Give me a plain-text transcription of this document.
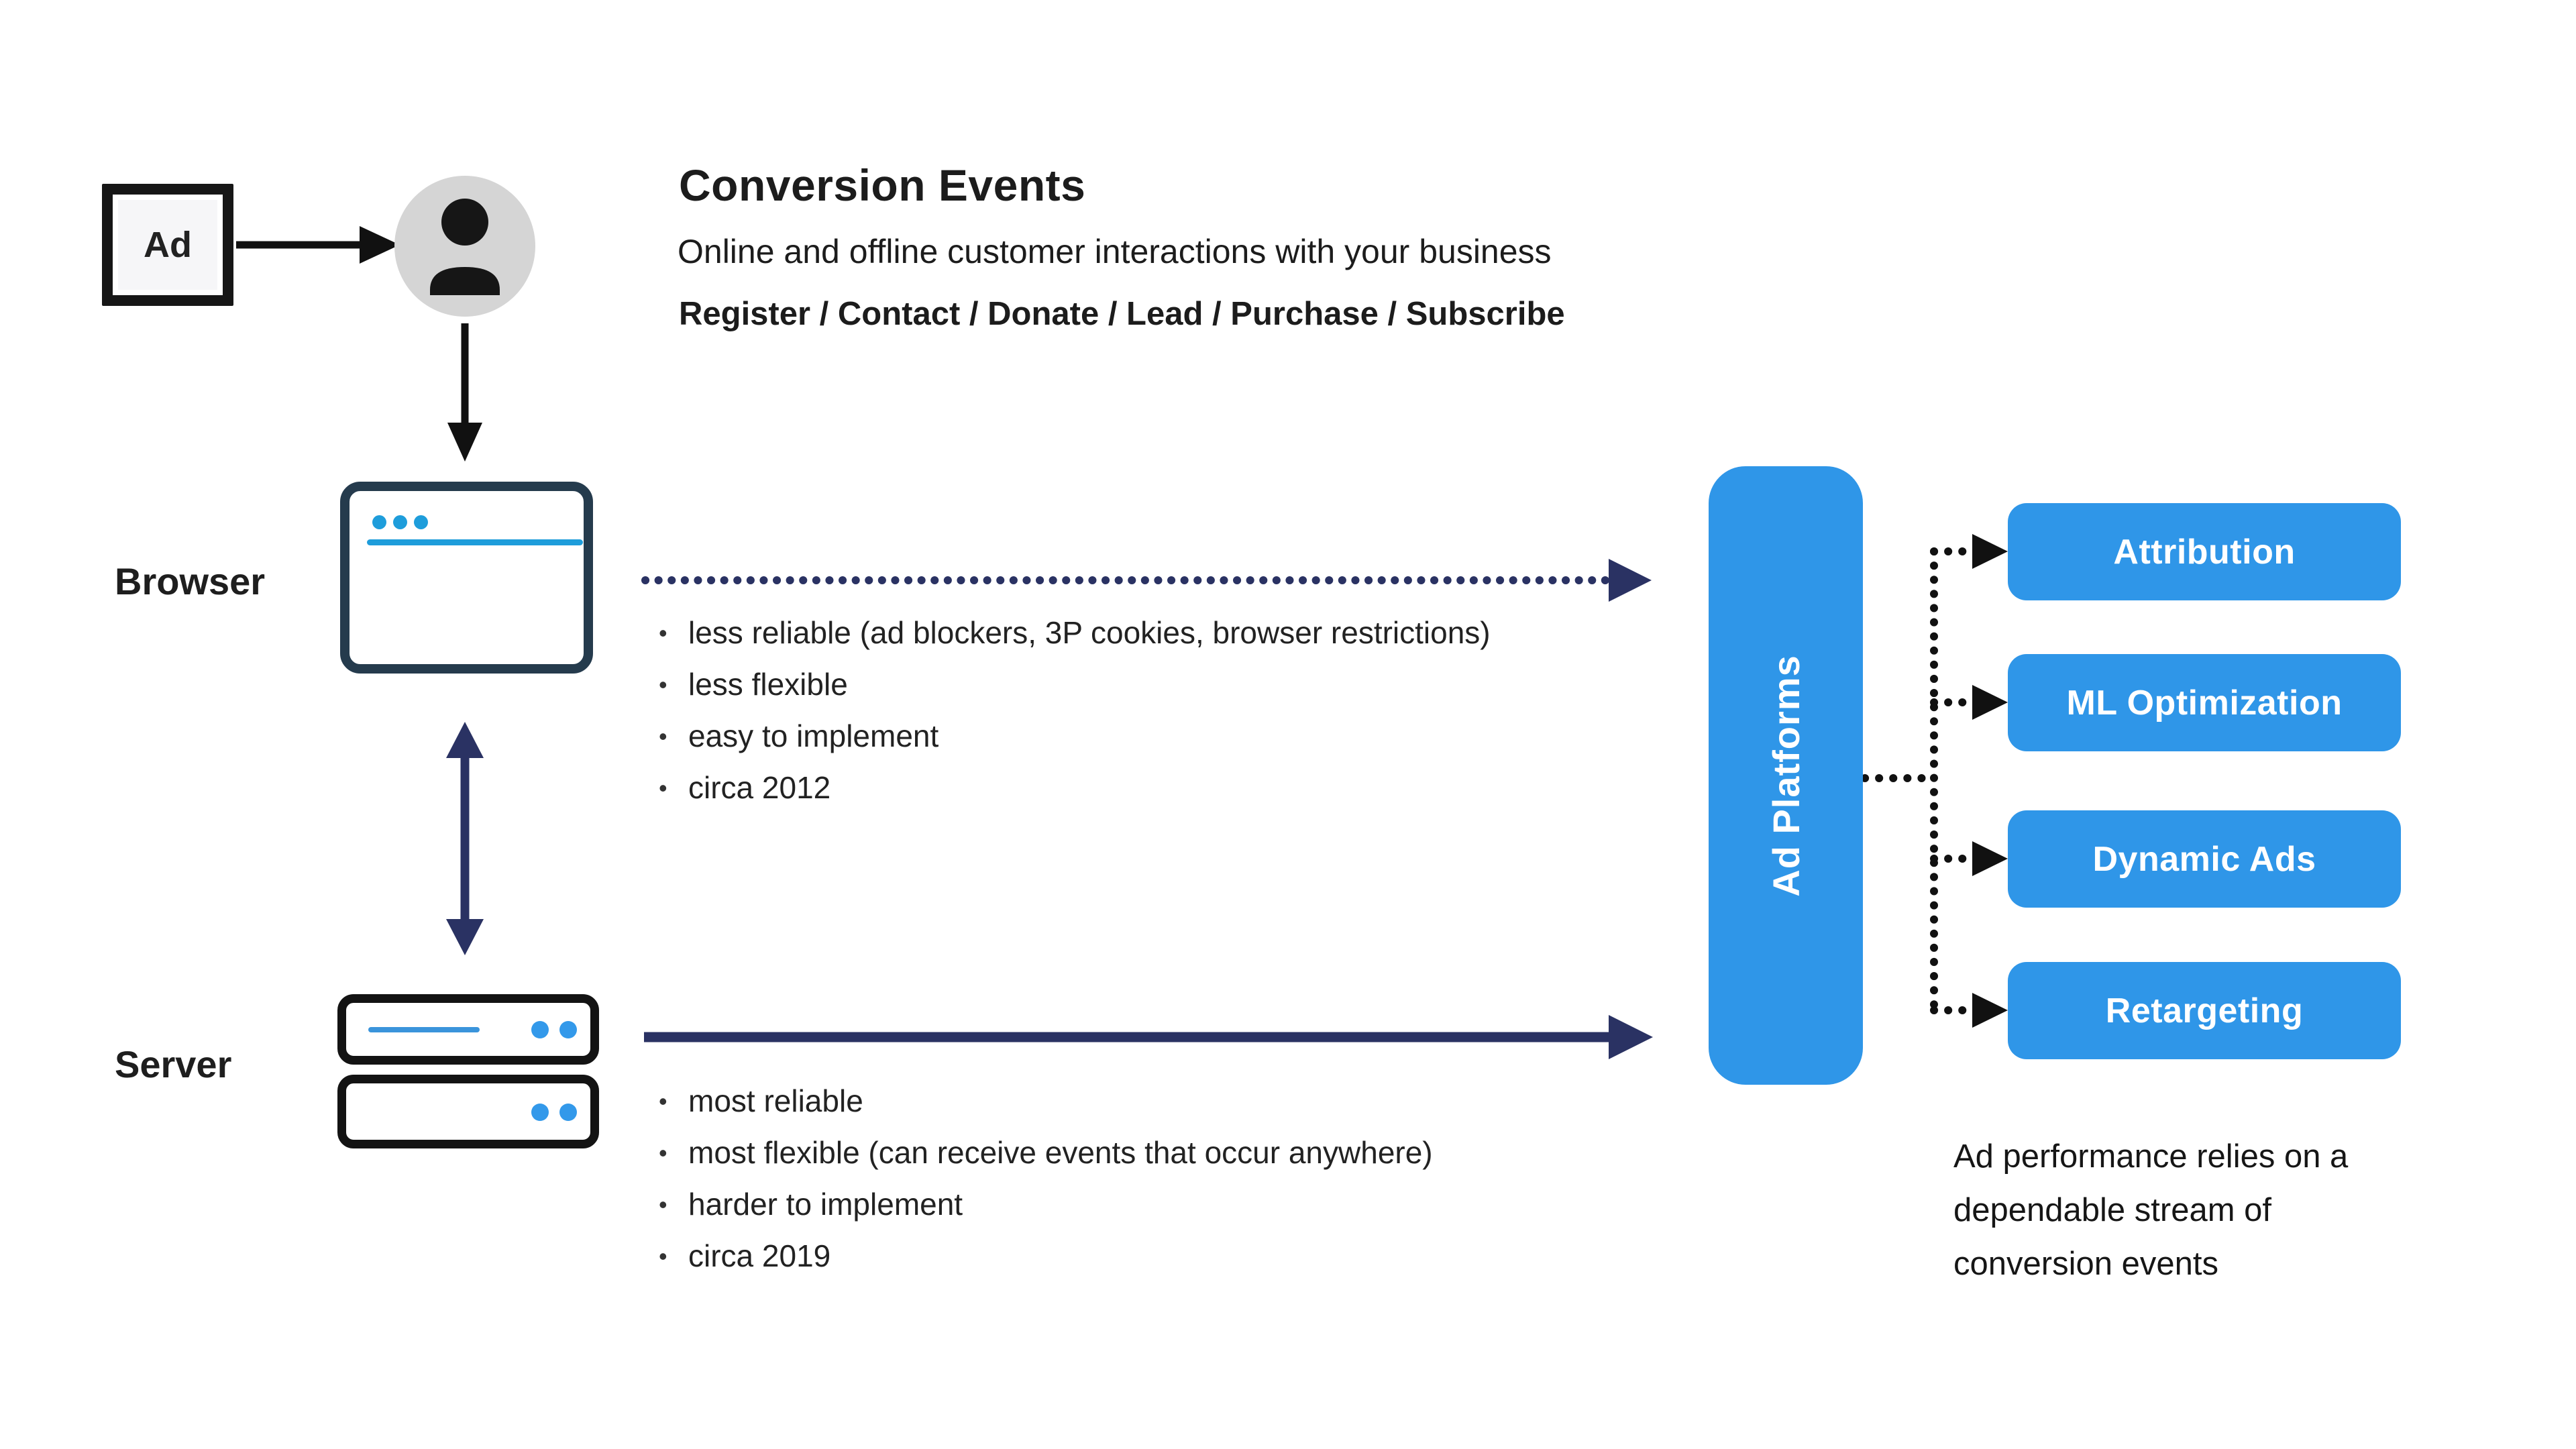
Conversion Events
Online and offline customer interactions with your business
Register / Contact / Donate / Lead / Purchase / Subscribe
Ad
Browser
• less reliable (ad blockers, 3P cookies, browser restrictions)
• less flexible
• easy to implement
• circa 2012
Server
• most reliable
• most flexible (can receive events that occur anywhere)
• harder to implement
• circa 2019
Ad Platforms
Attribution
ML Optimization
Dynamic Ads
Retargeting
Ad performance relies on a dependable stream of conversion events
